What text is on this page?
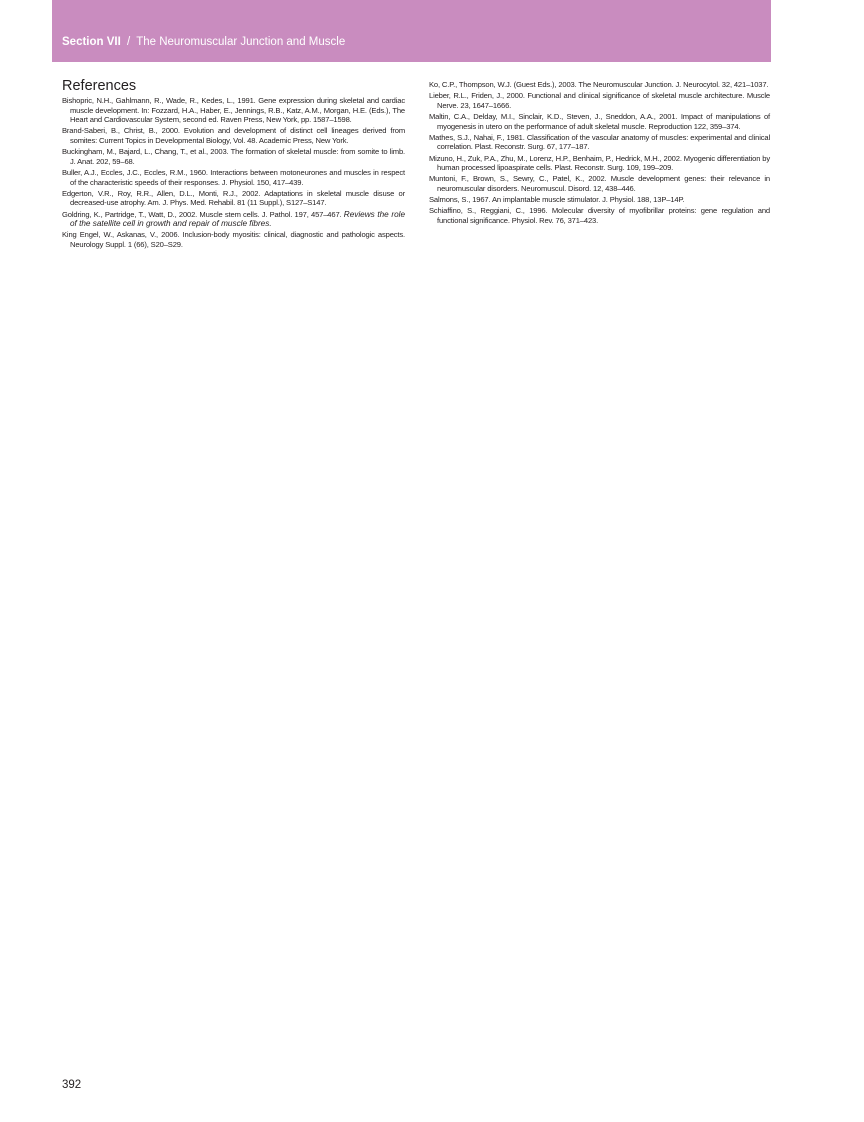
Section VII / The Neuromuscular Junction and Muscle
References

Bishopric, N.H., Gahlmann, R., Wade, R., Kedes, L., 1991. Gene expression during skeletal and cardiac muscle development. In: Fozzard, H.A., Haber, E., Jennings, R.B., Katz, A.M., Morgan, H.E. (Eds.), The Heart and Cardiovascular System, second ed. Raven Press, New York, pp. 1587–1598.

Brand-Saberi, B., Christ, B., 2000. Evolution and development of distinct cell lineages derived from somites: Current Topics in Developmental Biology, Vol. 48. Academic Press, New York.

Buckingham, M., Bajard, L., Chang, T., et al., 2003. The formation of skeletal muscle: from somite to limb. J. Anat. 202, 59–68.

Buller, A.J., Eccles, J.C., Eccles, R.M., 1960. Interactions between motoneurones and muscles in respect of the characteristic speeds of their responses. J. Physiol. 150, 417–439.

Edgerton, V.R., Roy, R.R., Allen, D.L., Monti, R.J., 2002. Adaptations in skeletal muscle disuse or decreased-use atrophy. Am. J. Phys. Med. Rehabil. 81 (11 Suppl.), S127–S147.

Goldring, K., Partridge, T., Watt, D., 2002. Muscle stem cells. J. Pathol. 197, 457–467. Reviews the role of the satellite cell in growth and repair of muscle fibres.

King Engel, W., Askanas, V., 2006. Inclusion-body myositis: clinical, diagnostic and pathologic aspects. Neurology Suppl. 1 (66), S20–S29.

Ko, C.P., Thompson, W.J. (Guest Eds.), 2003. The Neuromuscular Junction. J. Neurocytol. 32, 421–1037.

Lieber, R.L., Friden, J., 2000. Functional and clinical significance of skeletal muscle architecture. Muscle Nerve. 23, 1647–1666.

Maltin, C.A., Delday, M.I., Sinclair, K.D., Steven, J., Sneddon, A.A., 2001. Impact of manipulations of myogenesis in utero on the performance of adult skeletal muscle. Reproduction 122, 359–374.

Mathes, S.J., Nahai, F., 1981. Classification of the vascular anatomy of muscles: experimental and clinical correlation. Plast. Reconstr. Surg. 67, 177–187.

Mizuno, H., Zuk, P.A., Zhu, M., Lorenz, H.P., Benhaim, P., Hedrick, M.H., 2002. Myogenic differentiation by human processed lipoaspirate cells. Plast. Reconstr. Surg. 109, 199–209.

Muntoni, F., Brown, S., Sewry, C., Patel, K., 2002. Muscle development genes: their relevance in neuromuscular disorders. Neuromuscul. Disord. 12, 438–446.

Salmons, S., 1967. An implantable muscle stimulator. J. Physiol. 188, 13P–14P.

Schiaffino, S., Reggiani, C., 1996. Molecular diversity of myofibrillar proteins: gene regulation and functional significance. Physiol. Rev. 76, 371–423.

392
